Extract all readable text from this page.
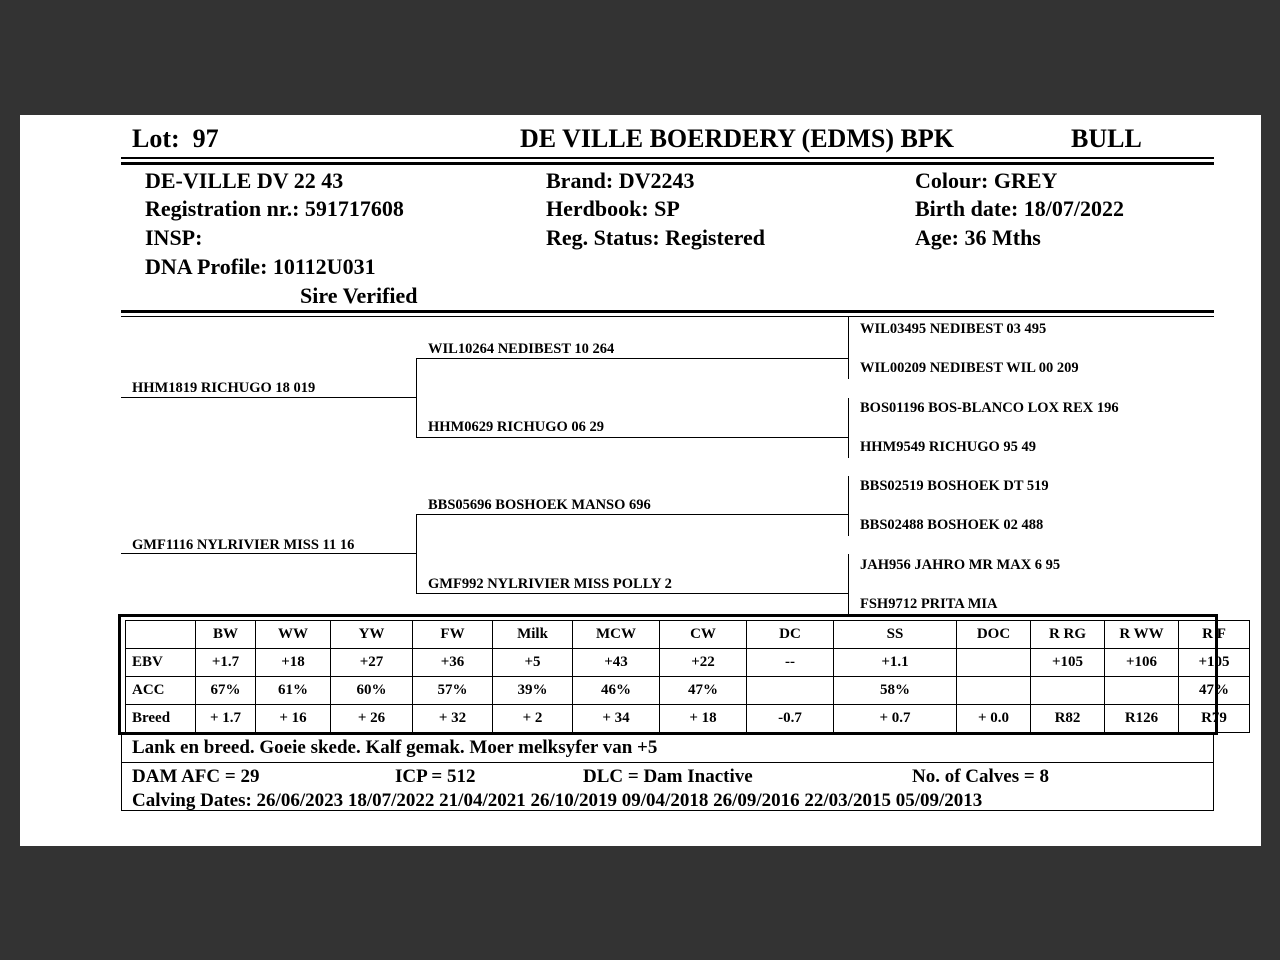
Lot: 97	DE VILLE BOERDERY (EDMS) BPK	BULL
DE-VILLE DV 22 43
Registration nr.: 591717608
INSP:
DNA Profile: 10112U031
Sire Verified
Brand: DV2243
Herdbook: SP
Reg. Status: Registered
Colour: GREY
Birth date: 18/07/2022
Age: 36 Mths
HHM1819 RICHUGO 18 019
GMF1116 NYLRIVIER MISS 11 16
WIL10264 NEDIBEST 10 264
HHM0629 RICHUGO 06 29
BBS05696 BOSHOEK MANSO 696
GMF992 NYLRIVIER MISS POLLY 2
WIL03495 NEDIBEST 03 495
WIL00209 NEDIBEST WIL 00 209
BOS01196 BOS-BLANCO LOX REX 196
HHM9549 RICHUGO 95 49
BBS02519 BOSHOEK DT 519
BBS02488 BOSHOEK 02 488
JAH956 JAHRO MR MAX 6 95
FSH9712 PRITA MIA
	BW	WW	YW	FW	Milk	MCW	CW	DC	SS	DOC	R RG	R WW	R F
EBV	+1.7	+18	+27	+36	+5	+43	+22	--	+1.1		+105	+106	+105
ACC	67%	61%	60%	57%	39%	46%	47%		58%				47%
Breed	+ 1.7	+ 16	+ 26	+ 32	+ 2	+ 34	+ 18	-0.7	+ 0.7	+ 0.0	R82	R126	R79
Lank en breed. Goeie skede. Kalf gemak. Moer melksyfer van +5
DAM AFC = 29	ICP = 512	DLC = Dam Inactive	No. of Calves = 8
Calving Dates: 26/06/2023 18/07/2022 21/04/2021 26/10/2019 09/04/2018 26/09/2016 22/03/2015 05/09/2013
